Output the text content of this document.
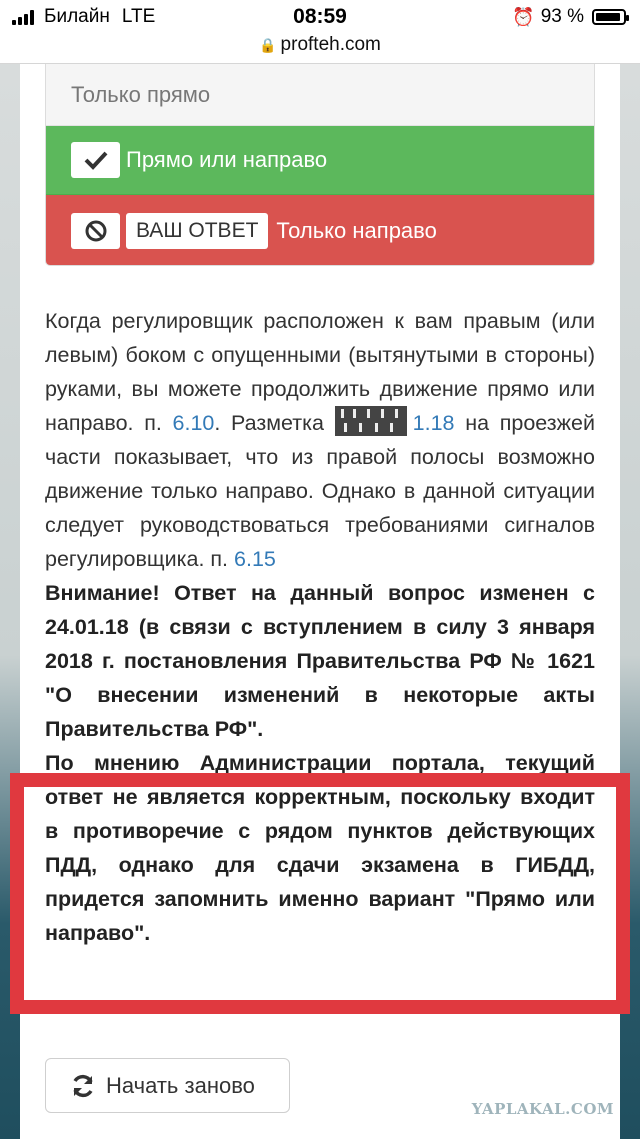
Билайн LTE	08:59	⏰ 93 %
🔒 profteh.com
Только прямо
Прямо или направо
ВАШ ОТВЕТ Только направо

Когда регулировщик расположен к вам правым (или левым) боком с опущенными (вытянутыми в стороны) руками, вы можете продолжить движение прямо или направо. п. 6.10. Разметка	1.18 на проезжей части показывает, что из правой полосы возможно движение только направо. Однако в данной ситуации следует руководствоваться требованиями сигналов регулировщика. п. 6.15

Внимание! Ответ на данный вопрос изменен с 24.01.18 (в связи с вступлением в силу 3 января 2018 г. постановления Правительства РФ № 1621 "О внесении изменений в некоторые акты Правительства РФ".

По мнению Администрации портала, текущий ответ не является корректным, поскольку входит в противоречие с рядом пунктов действующих ПДД, однако для сдачи экзамена в ГИБДД, придется запомнить именно вариант "Прямо или направо".

Начать заново
YAPLAKAL.COM
